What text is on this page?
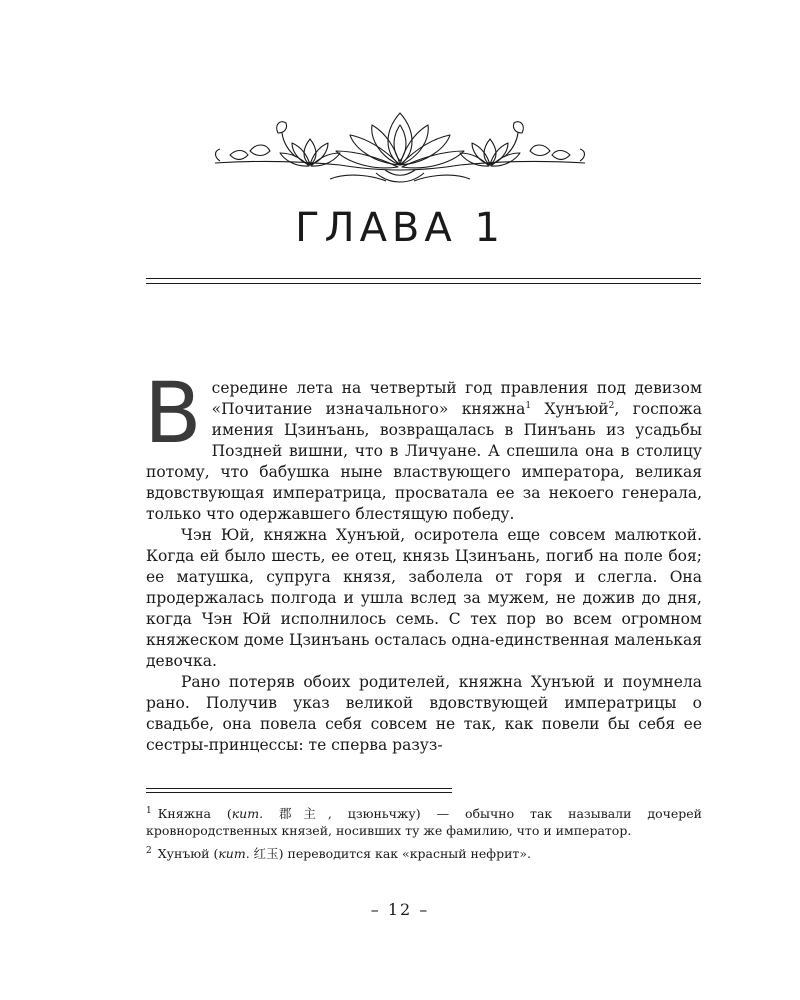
ГЛАВА 1

Всередине лета на четвертый год правления под девизом «Почитание изначального» княжна$^1$ Хунъюй$^2$, госпожа имения Цзинъань, возвращалась в Пинъань из усадьбы Поздней вишни, что в Личуане. А спешила она в столицу потому, что бабушка ныне властвующего императора, великая вдовствующая императрица, просватала ее за некоего генерала, только что одержавшего блестящую победу.

Чэн Юй, княжна Хунъюй, осиротела еще совсем малюткой. Когда ей было шесть, ее отец, князь Цзинъань, погиб на поле боя; ее матушка, супруга князя, заболела от горя и слегла. Она продержалась полгода и ушла вслед за мужем, не дожив до дня, когда Чэн Юй исполнилось семь. С тех пор во всем огромном княжеском доме Цзинъань осталась одна-единственная маленькая девочка.

Рано потеряв обоих родителей, княжна Хунъюй и поумнела рано. Получив указ великой вдовствующей императрицы о свадьбе, она повела себя совсем не так, как повели бы себя ее сестры-принцессы: те сперва разуз-

$^1$ Княжна (кит. 郡主, цзюньчжу) — обычно так называли дочерей кровнородственных князей, носивших ту же фамилию, что и император.

$^2$ Хунъюй (кит. 红玉) переводится как «красный нефрит».

– 12 –
